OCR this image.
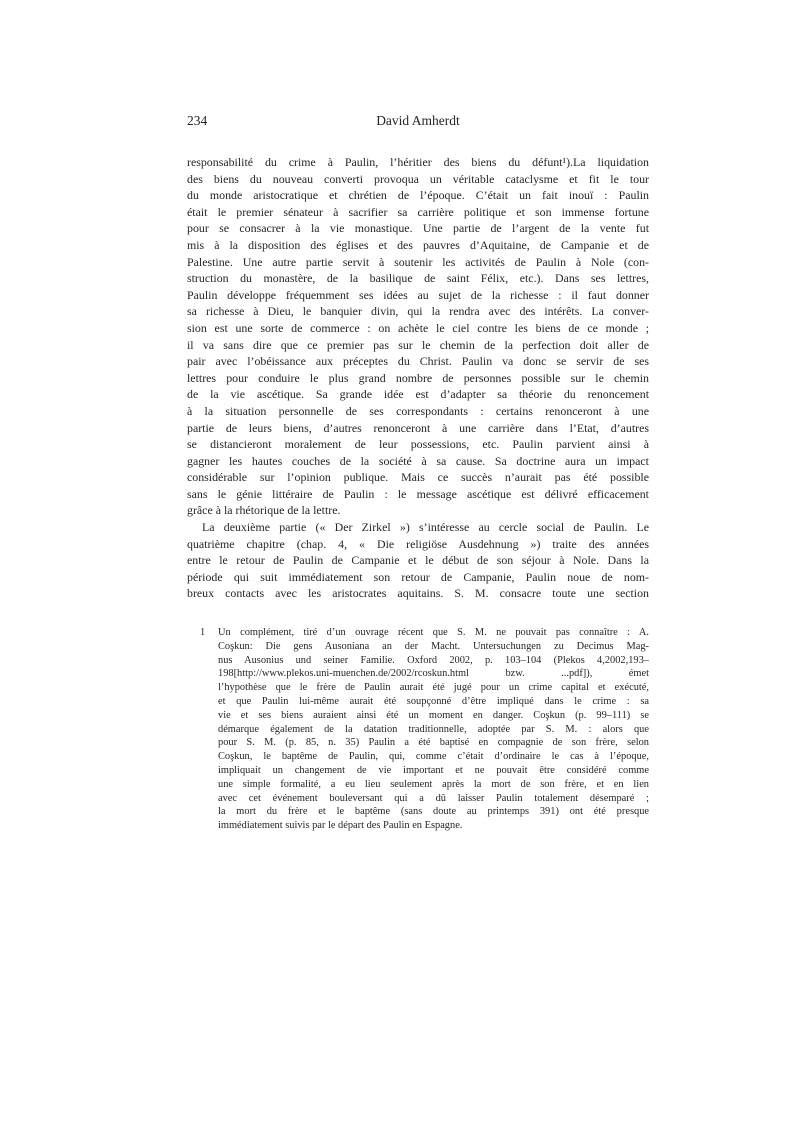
234	David Amherdt
responsabilité du crime à Paulin, l’héritier des biens du défunt¹).La liquidation
des biens du nouveau converti provoqua un véritable cataclysme et fit le tour
du monde aristocratique et chrétien de l’époque. C’était un fait inouï : Paulin
était le premier sénateur à sacrifier sa carrière politique et son immense fortune
pour se consacrer à la vie monastique. Une partie de l’argent de la vente fut
mis à la disposition des églises et des pauvres d’Aquitaine, de Campanie et de
Palestine. Une autre partie servit à soutenir les activités de Paulin à Nole (con-
struction du monastère, de la basilique de saint Félix, etc.). Dans ses lettres,
Paulin développe fréquemment ses idées au sujet de la richesse : il faut donner
sa richesse à Dieu, le banquier divin, qui la rendra avec des intérêts. La conver-
sion est une sorte de commerce : on achète le ciel contre les biens de ce monde ;
il va sans dire que ce premier pas sur le chemin de la perfection doit aller de
pair avec l’obéissance aux préceptes du Christ. Paulin va donc se servir de ses
lettres pour conduire le plus grand nombre de personnes possible sur le chemin
de la vie ascétique. Sa grande idée est d’adapter sa théorie du renoncement
à la situation personnelle de ses correspondants : certains renonceront à une
partie de leurs biens, d’autres renonceront à une carrière dans l’Etat, d’autres
se distancieront moralement de leur possessions, etc. Paulin parvient ainsi à
gagner les hautes couches de la société à sa cause. Sa doctrine aura un impact
considérable sur l’opinion publique. Mais ce succès n’aurait pas été possible
sans le génie littéraire de Paulin : le message ascétique est délivré efficacement
grâce à la rhétorique de la lettre.
La deuxième partie (« Der Zirkel ») s’intéresse au cercle social de Paulin. Le
quatrième chapitre (chap. 4, « Die religiöse Ausdehnung ») traite des années
entre le retour de Paulin de Campanie et le début de son séjour à Nole. Dans la
période qui suit immédiatement son retour de Campanie, Paulin noue de nom-
breux contacts avec les aristocrates aquitains. S. M. consacre toute une section
1 Un complément, tiré d’un ouvrage récent que S. M. ne pouvait pas connaître : A.
Coşkun: Die gens Ausoniana an der Macht. Untersuchungen zu Decimus Mag-
nus Ausonius und seiner Familie. Oxford 2002, p. 103–104 (Plekos 4,2002,193–
198[http://www.plekos.uni-muenchen.de/2002/rcoskun.html bzw. ...pdf]), émet
l’hypothèse que le frère de Paulin aurait été jugé pour un crime capital et exécuté,
et que Paulin lui-même aurait été soupçonné d’être impliqué dans le crime : sa
vie et ses biens auraient ainsi été un moment en danger. Coşkun (p. 99–111) se
démarque également de la datation traditionnelle, adoptée par S. M. : alors que
pour S. M. (p. 85, n. 35) Paulin a été baptisé en compagnie de son frère, selon
Coşkun, le baptême de Paulin, qui, comme c’était d’ordinaire le cas à l’époque,
impliquait un changement de vie important et ne pouvait être considéré comme
une simple formalité, a eu lieu seulement après la mort de son frère, et en lien
avec cet événement bouleversant qui a dû laisser Paulin totalement désemparé ;
la mort du frère et le baptême (sans doute au printemps 391) ont été presque
immédiatement suivis par le départ des Paulin en Espagne.
